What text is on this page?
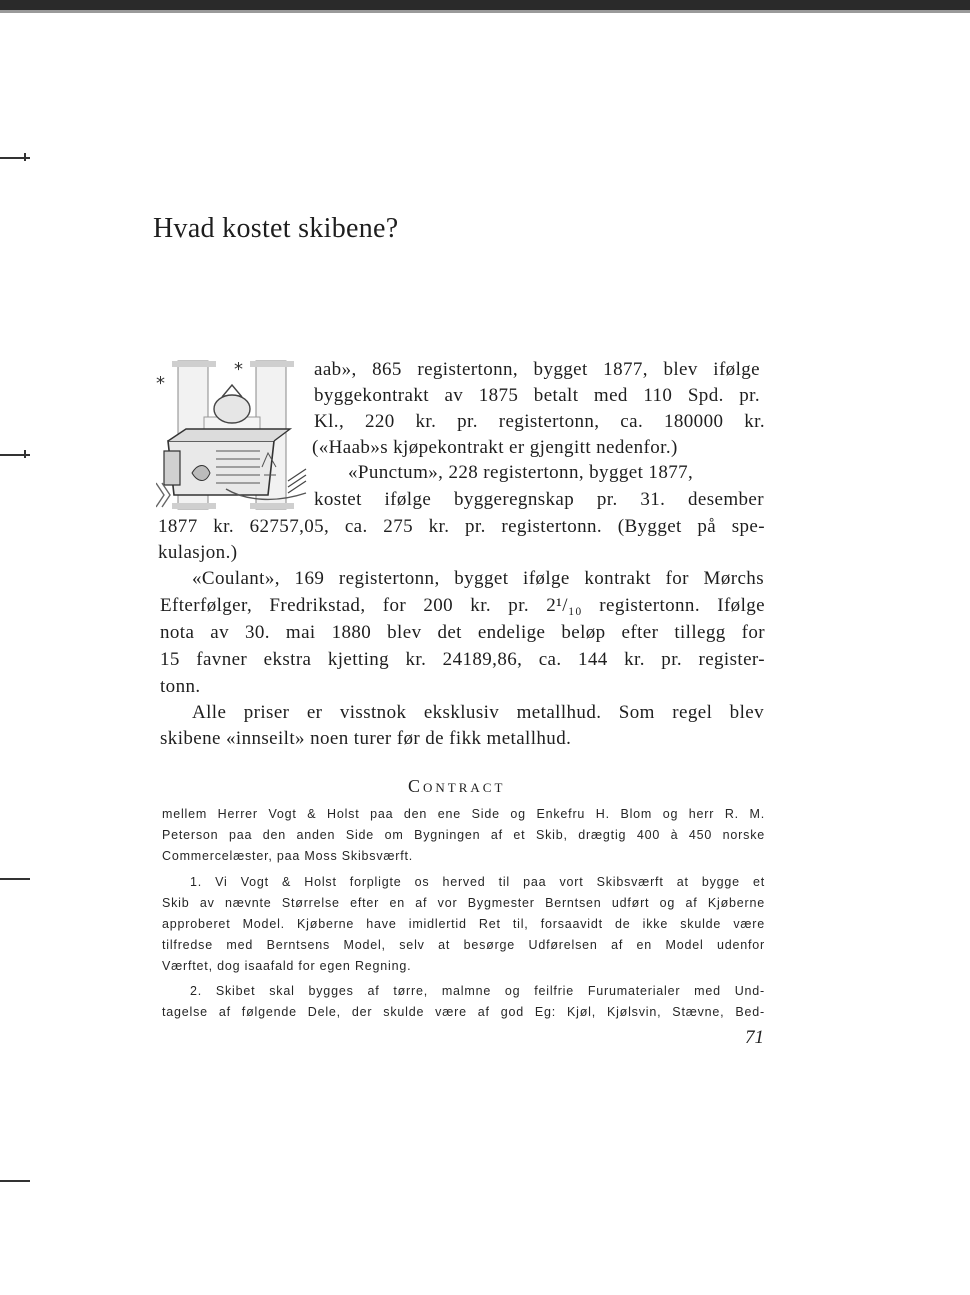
Hvad kostet skibene?
*
*	aab», 865 registertonn, bygget 1877, blev ifølge

byggekontrakt av 1875 betalt med 110 Spd. pr.

Kl., 220 kr. pr. registertonn, ca. 180000 kr.

(«Haab»s kjøpekontrakt er gjengitt nedenfor.)

«Punctum», 228 registertonn, bygget 1877,

kostet ifølge byggeregnskap pr. 31. desember

1877 kr. 62757,05, ca. 275 kr. pr. registertonn. (Bygget på spe-

kulasjon.)

«Coulant», 169 registertonn, bygget ifølge kontrakt for Mørchs

Efterfølger, Fredrikstad, for 200 kr. pr. 2¹/₁₀ registertonn. Ifølge

nota av 30. mai 1880 blev det endelige beløp efter tillegg for

15 favner ekstra kjetting kr. 24189,86, ca. 144 kr. pr. register-

tonn.

Alle priser er visstnok eksklusiv metallhud. Som regel blev

skibene «innseilt» noen turer før de fikk metallhud.

Contract

mellem Herrer Vogt & Holst paa den ene Side og Enkefru H. Blom og herr R. M.

Peterson paa den anden Side om Bygningen af et Skib, drægtig 400 à 450 norske

Commercelæster, paa Moss Skibsværft.

1. Vi Vogt & Holst forpligte os herved til paa vort Skibsværft at bygge et

Skib av nævnte Størrelse efter en af vor Bygmester Berntsen udført og af Kjøberne

approberet Model. Kjøberne have imidlertid Ret til, forsaavidt de ikke skulde være

tilfredse med Berntsens Model, selv at besørge Udførelsen af en Model udenfor

Værftet, dog isaafald for egen Regning.

2. Skibet skal bygges af tørre, malmne og feilfrie Furumaterialer med Und-

tagelse af følgende Dele, der skulde være af god Eg: Kjøl, Kjølsvin, Stævne, Bed-

71
